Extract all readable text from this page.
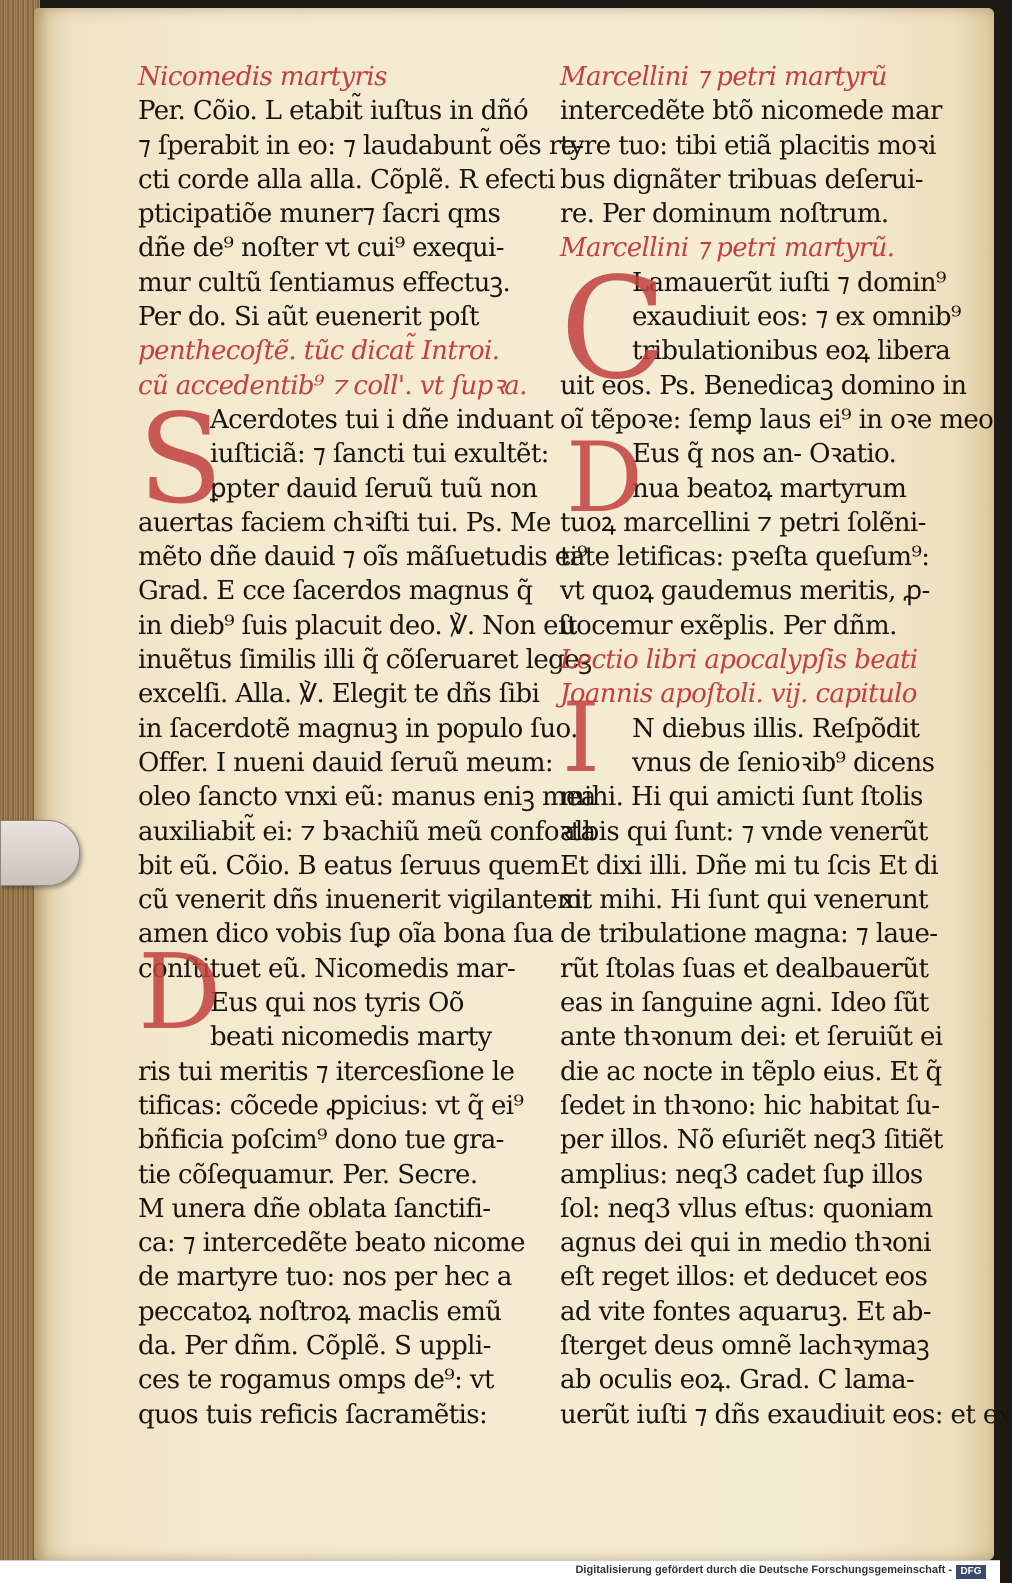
Nicomedis martyris
Per. Cõio. L etabit̃ iuſtus in dñó
⁊ ſperabit in eo: ⁊ laudabunt̃ oẽs re-
cti corde alla alla. Cõplẽ. R efecti
pticipatiõe muner⁊ ſacri qms
dñe de⁹ noſter vt cui⁹ exequi-
mur cultũ ſentiamus effectuꝫ.
Per do. Si aũt euenerit poſt
penthecoſtẽ. tũc dicat̃ Introi.
cũ accedentib⁹ ⁊ coll'. vt ſupꝛa.
Acerdotes tui i dñe induant
iuſticiã: ⁊ ſancti tui exultẽt:
ꝑpter dauid ſeruũ tuũ non
auertas faciem chꝛiſti tui. Ps. Me
mẽto dñe dauid ⁊ oĩs mãſuetudis ei⁹
Grad. E cce ſacerdos magnus q̃
in dieb⁹ ſuis placuit deo. ℣. Non eſt
inuẽtus ſimilis illi q̃ cõſeruaret legeꝫ
excelſi. Alla. ℣. Elegit te dñs ſibi
in ſacerdotẽ magnuꝫ in populo ſuo.
Offer. I nueni dauid ſeruũ meum:
oleo ſancto vnxi eũ: manus eniꝫ mea
auxiliabit̃ ei: ⁊ bꝛachiũ meũ confoꝛta
bit eũ. Cõio. B eatus ſeruus quem
cũ venerit dñs inuenerit vigilantem:
amen dico vobis ſuꝑ oĩa bona ſua
conſtituet eũ. Nicomedis mar-
Eus qui nos tyris Oõ
beati nicomedis marty
ris tui meritis ⁊ itercesſione le
tificas: cõcede ꝓpicius: vt q̃ ei⁹
bñficia poſcim⁹ dono tue gra-
tie cõſequamur. Per. Secre.
M unera dñe oblata ſanctifi-
ca: ⁊ intercedẽte beato nicome
de martyre tuo: nos per hec a
peccatoꝝ noſtroꝝ maclis emũ
da. Per dñm. Cõplẽ. S uppli-
ces te rogamus omps de⁹: vt
quos tuis reficis ſacramẽtis:
Marcellini ⁊ petri martyrũ
intercedẽte btõ nicomede mar
tyre tuo: tibi etiã placitis moꝛi
bus dignãter tribuas deſerui-
re. Per dominum noſtrum.
Marcellini ⁊ petri martyrũ.
Lamauerũt iuſti ⁊ domin⁹
exaudiuit eos: ⁊ ex omnib⁹
tribulationibus eoꝝ libera
uit eos. Ps. Benedicaꝫ domino in
oĩ tẽpoꝛe: ſemꝑ laus ei⁹ in oꝛe meo.
Eus q̃ nos an- Oꝛatio.
nua beatoꝝ martyrum
tuoꝝ marcellini ⁊ petri ſolẽni-
tate letificas: pꝛeſta queſum⁹:
vt quoꝝ gaudemus meritis, ꝓ-
uocemur exẽplis. Per dñm.
Lectio libri apocalypſis beati
Joannis apoſtoli. vij. capitulo
N diebus illis. Reſpõdit
vnus de ſenioꝛib⁹ dicens
mihi. Hi qui amicti ſunt ſtolis
albis qui ſunt: ⁊ vnde venerũt
Et dixi illi. Dñe mi tu ſcis Et di
xit mihi. Hi ſunt qui venerunt
de tribulatione magna: ⁊ laue-
rũt ſtolas ſuas et dealbauerũt
eas in ſanguine agni. Ideo ſũt
ante thꝛonum dei: et ſeruiũt ei
die ac nocte in tẽplo eius. Et q̃
ſedet in thꝛono: hic habitat ſu-
per illos. Nõ eſuriẽt neq3 ſitiẽt
amplius: neq3 cadet ſuꝑ illos
ſol: neq3 vllus eſtus: quoniam
agnus dei qui in medio thꝛoni
eſt reget illos: et deducet eos
ad vite fontes aquaruꝫ. Et ab-
ſterget deus omnẽ lachꝛymaꝫ
ab oculis eoꝝ. Grad. C lama-
uerũt iuſti ⁊ dñs exaudiuit eos: et ex
S
D
C
D
I
Digitalisierung gefördert durch die Deutsche Forschungsgemeinschaft - DFG
